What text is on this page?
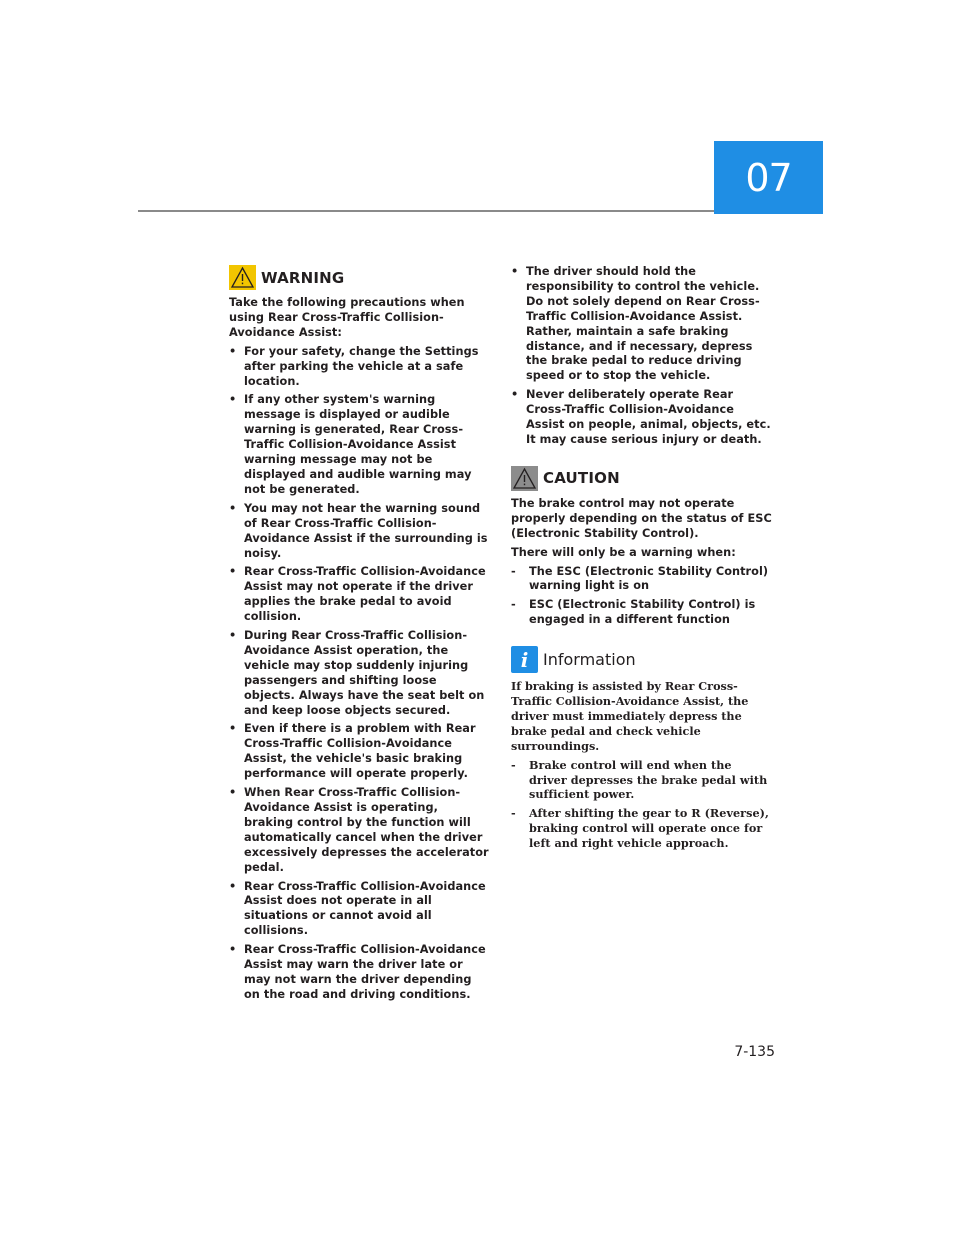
07
WARNING

Take the following precautions when using Rear Cross-Traffic Collision-Avoidance Assist:

• For your safety, change the Settings after parking the vehicle at a safe location.
• If any other system's warning message is displayed or audible warning is generated, Rear Cross-Traffic Collision-Avoidance Assist warning message may not be displayed and audible warning may not be generated.
• You may not hear the warning sound of Rear Cross-Traffic Collision-Avoidance Assist if the surrounding is noisy.
• Rear Cross-Traffic Collision-Avoidance Assist may not operate if the driver applies the brake pedal to avoid collision.
• During Rear Cross-Traffic Collision-Avoidance Assist operation, the vehicle may stop suddenly injuring passengers and shifting loose objects. Always have the seat belt on and keep loose objects secured.
• Even if there is a problem with Rear Cross-Traffic Collision-Avoidance Assist, the vehicle's basic braking performance will operate properly.
• When Rear Cross-Traffic Collision-Avoidance Assist is operating, braking control by the function will automatically cancel when the driver excessively depresses the accelerator pedal.
• Rear Cross-Traffic Collision-Avoidance Assist does not operate in all situations or cannot avoid all collisions.
• Rear Cross-Traffic Collision-Avoidance Assist may warn the driver late or may not warn the driver depending on the road and driving conditions.
• The driver should hold the responsibility to control the vehicle. Do not solely depend on Rear Cross-Traffic Collision-Avoidance Assist. Rather, maintain a safe braking distance, and if necessary, depress the brake pedal to reduce driving speed or to stop the vehicle.
• Never deliberately operate Rear Cross-Traffic Collision-Avoidance Assist on people, animal, objects, etc. It may cause serious injury or death.
CAUTION

The brake control may not operate properly depending on the status of ESC (Electronic Stability Control).

There will only be a warning when:

- The ESC (Electronic Stability Control) warning light is on
- ESC (Electronic Stability Control) is engaged in a different function
i Information

If braking is assisted by Rear Cross-Traffic Collision-Avoidance Assist, the driver must immediately depress the brake pedal and check vehicle surroundings.

- Brake control will end when the driver depresses the brake pedal with sufficient power.
- After shifting the gear to R (Reverse), braking control will operate once for left and right vehicle approach.
7-135
